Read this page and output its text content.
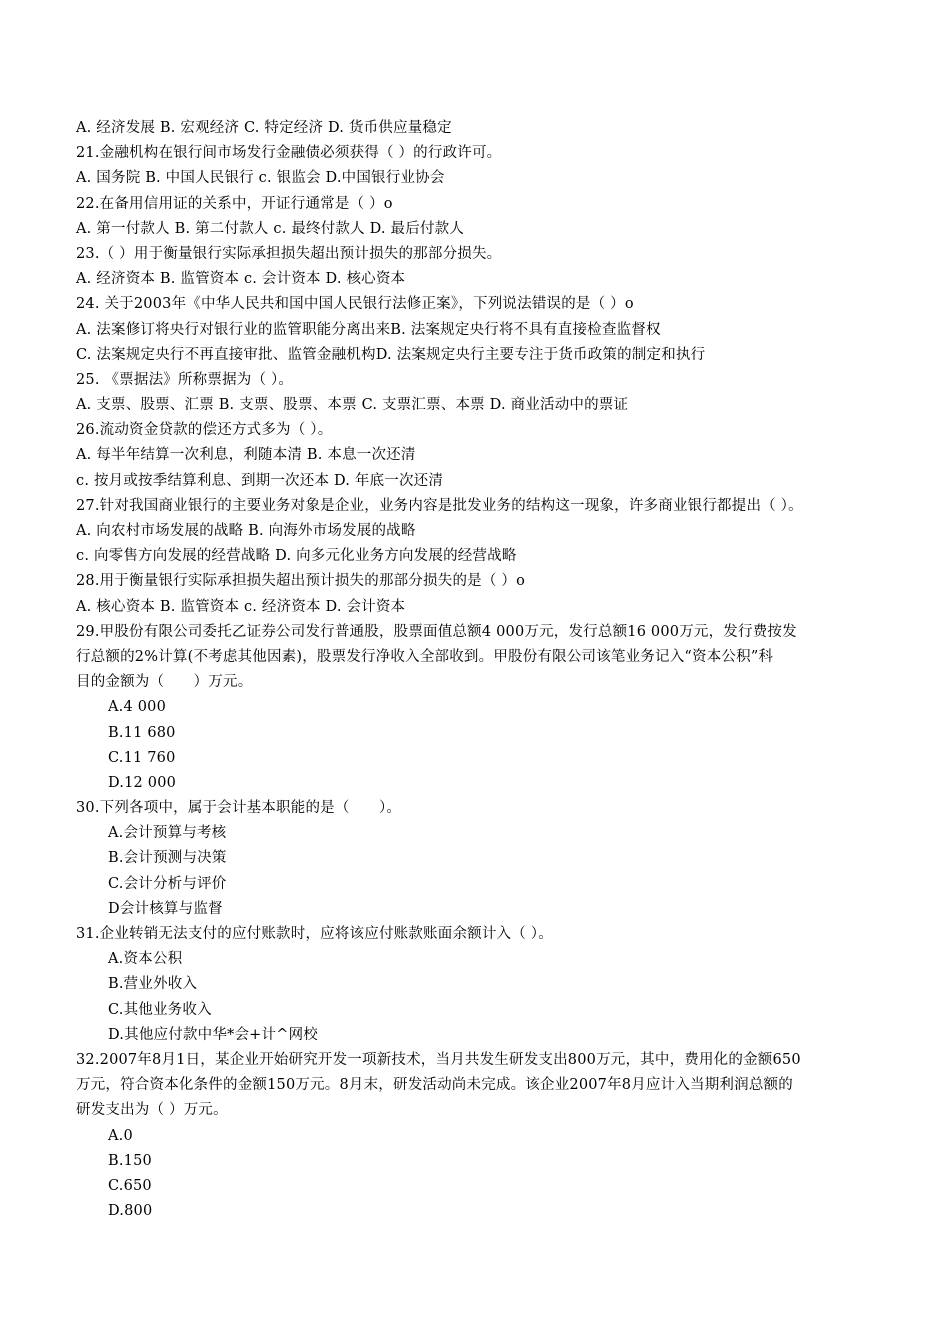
A. 经济发展 B. 宏观经济 C. 特定经济 D. 货币供应量稳定
21.金融机构在银行间市场发行金融债必须获得（ ）的行政许可。
A. 国务院 B. 中国人民银行 c. 银监会 D.中国银行业协会
22.在备用信用证的关系中，开证行通常是（ ）o
A. 第一付款人 B. 第二付款人 c. 最终付款人 D. 最后付款人
23.（ ）用于衡量银行实际承担损失超出预计损失的那部分损失。
A. 经济资本 B. 监管资本 c. 会计资本 D. 核心资本
24. 关于2003年《中华人民共和国中国人民银行法修正案》，下列说法错误的是（ ）o
A. 法案修订将央行对银行业的监管职能分离出来B. 法案规定央行将不具有直接检查监督权
C. 法案规定央行不再直接审批、监管金融机构D. 法案规定央行主要专注于货币政策的制定和执行
25. 《票据法》所称票据为（ ）。
A. 支票、股票、汇票 B. 支票、股票、本票 C. 支票汇票、本票 D. 商业活动中的票证
26.流动资金贷款的偿还方式多为（ ）。
A. 每半年结算一次利息，利随本清 B. 本息一次还清
c. 按月或按季结算利息、到期一次还本 D. 年底一次还清
27.针对我国商业银行的主要业务对象是企业，业务内容是批发业务的结构这一现象，许多商业银行都提出（ ）。
A. 向农村市场发展的战略 B. 向海外市场发展的战略
c. 向零售方向发展的经营战略 D. 向多元化业务方向发展的经营战略
28.用于衡量银行实际承担损失超出预计损失的那部分损失的是（ ）o
A. 核心资本 B. 监管资本 c. 经济资本 D. 会计资本
29.甲股份有限公司委托乙证券公司发行普通股，股票面值总额4 000万元，发行总额16 000万元，发行费按发
行总额的2%计算(不考虑其他因素)，股票发行净收入全部收到。甲股份有限公司该笔业务记入“资本公积”科
目的金额为（　　）万元。
A.4 000
B.11 680
C.11 760
D.12 000
30.下列各项中，属于会计基本职能的是（　　）。
A.会计预算与考核
B.会计预测与决策
C.会计分析与评价
D会计核算与监督
31.企业转销无法支付的应付账款时，应将该应付账款账面余额计入（ ）。
A.资本公积
B.营业外收入
C.其他业务收入
D.其他应付款中华*会+计^网校
32.2007年8月1日，某企业开始研究开发一项新技术，当月共发生研发支出800万元，其中，费用化的金额650
万元，符合资本化条件的金额150万元。8月末，研发活动尚未完成。该企业2007年8月应计入当期利润总额的
研发支出为（ ）万元。
A.0
B.150
C.650
D.800
